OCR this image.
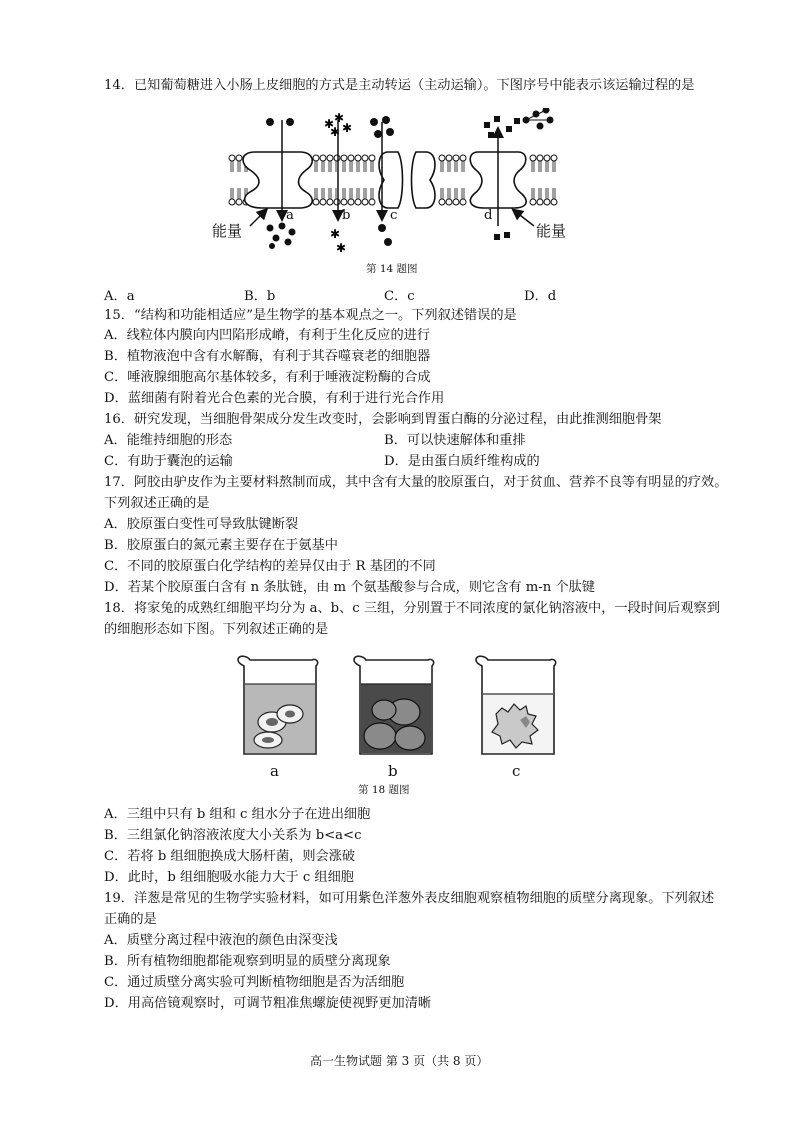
14．已知葡萄糖进入小肠上皮细胞的方式是主动转运（主动运输）。下图序号中能表示该运输过程的是
✱ ✱
✱ ✱
✱
✱
能量	能量
a	b	c	d
第 14 题图
A．a	B．b	C．c	D．d
15．“结构和功能相适应”是生物学的基本观点之一。下列叙述错误的是
A．线粒体内膜向内凹陷形成嵴，有利于生化反应的进行
B．植物液泡中含有水解酶，有利于其吞噬衰老的细胞器
C．唾液腺细胞高尔基体较多，有利于唾液淀粉酶的合成
D．蓝细菌有附着光合色素的光合膜，有利于进行光合作用
16．研究发现，当细胞骨架成分发生改变时，会影响到胃蛋白酶的分泌过程，由此推测细胞骨架
A．能维持细胞的形态	B．可以快速解体和重排
C．有助于囊泡的运输	D．是由蛋白质纤维构成的
17．阿胶由驴皮作为主要材料熬制而成，其中含有大量的胶原蛋白，对于贫血、营养不良等有明显的疗效。
下列叙述正确的是
A．胶原蛋白变性可导致肽键断裂
B．胶原蛋白的氮元素主要存在于氨基中
C．不同的胶原蛋白化学结构的差异仅由于 R 基团的不同
D．若某个胶原蛋白含有 n 条肽链，由 m 个氨基酸参与合成，则它含有 m-n 个肽键
18．将家兔的成熟红细胞平均分为 a、b、c 三组，分别置于不同浓度的氯化钠溶液中，一段时间后观察到
的细胞形态如下图。下列叙述正确的是
a	b	c
第 18 题图
A．三组中只有 b 组和 c 组水分子在进出细胞
B．三组氯化钠溶液浓度大小关系为 b<a<c
C．若将 b 组细胞换成大肠杆菌，则会涨破
D．此时，b 组细胞吸水能力大于 c 组细胞
19．洋葱是常见的生物学实验材料，如可用紫色洋葱外表皮细胞观察植物细胞的质壁分离现象。下列叙述
正确的是
A．质壁分离过程中液泡的颜色由深变浅
B．所有植物细胞都能观察到明显的质壁分离现象
C．通过质壁分离实验可判断植物细胞是否为活细胞
D．用高倍镜观察时，可调节粗准焦螺旋使视野更加清晰
高一生物试题 第 3 页（共 8 页）
